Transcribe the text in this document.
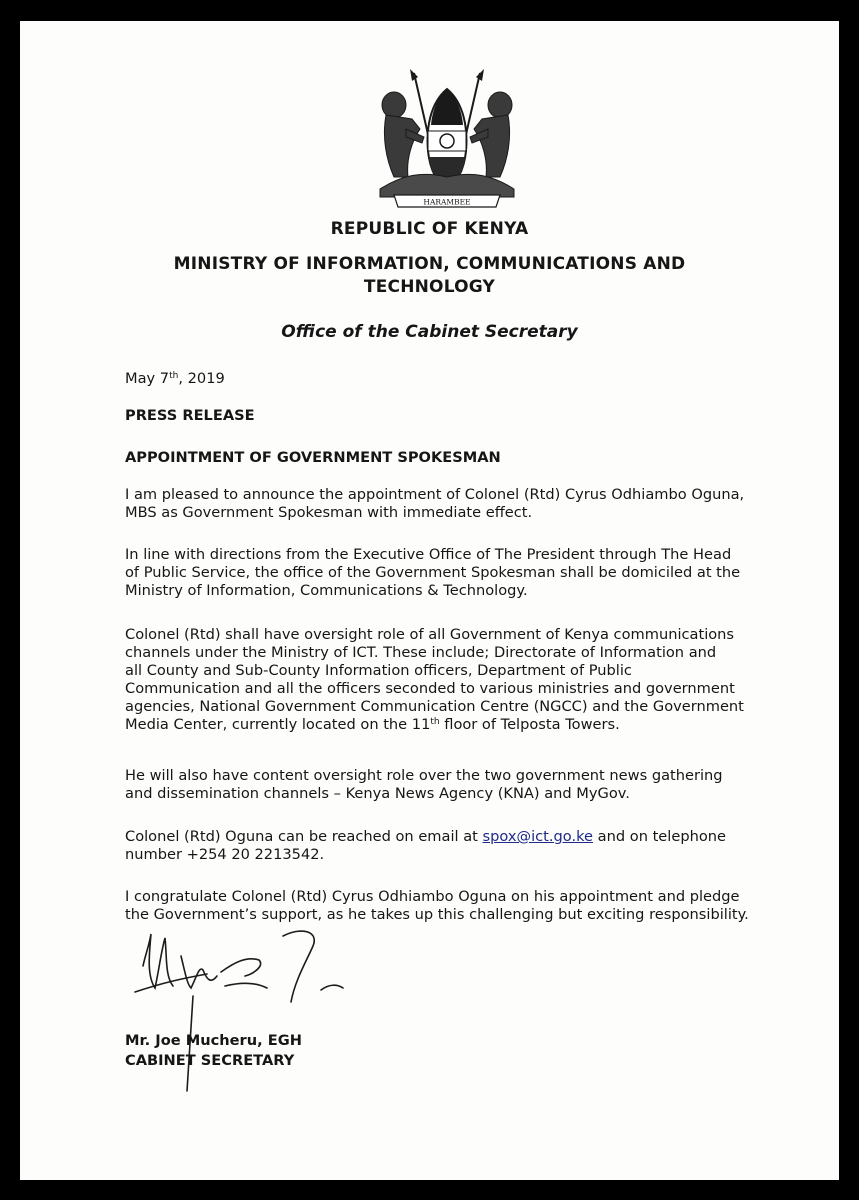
HARAMBEE
REPUBLIC OF KENYA
MINISTRY OF INFORMATION, COMMUNICATIONS AND
TECHNOLOGY
Office of the Cabinet Secretary
May 7th, 2019
PRESS RELEASE
APPOINTMENT OF GOVERNMENT SPOKESMAN
I am pleased to announce the appointment of Colonel (Rtd) Cyrus Odhiambo Oguna,
MBS as Government Spokesman with immediate effect.
In line with directions from the Executive Office of The President through The Head
of Public Service, the office of the Government Spokesman shall be domiciled at the
Ministry of Information, Communications & Technology.
Colonel (Rtd) shall have oversight role of all Government of Kenya communications
channels under the Ministry of ICT. These include; Directorate of Information and
all County and Sub-County Information officers, Department of Public
Communication and all the officers seconded to various ministries and government
agencies, National Government Communication Centre (NGCC) and the Government
Media Center, currently located on the 11th floor of Telposta Towers.
He will also have content oversight role over the two government news gathering
and dissemination channels – Kenya News Agency (KNA) and MyGov.
Colonel (Rtd) Oguna can be reached on email at spox@ict.go.ke and on telephone
number +254 20 2213542.
I congratulate Colonel (Rtd) Cyrus Odhiambo Oguna on his appointment and pledge
the Government’s support, as he takes up this challenging but exciting responsibility.
Mr. Joe Mucheru, EGH
CABINET SECRETARY
